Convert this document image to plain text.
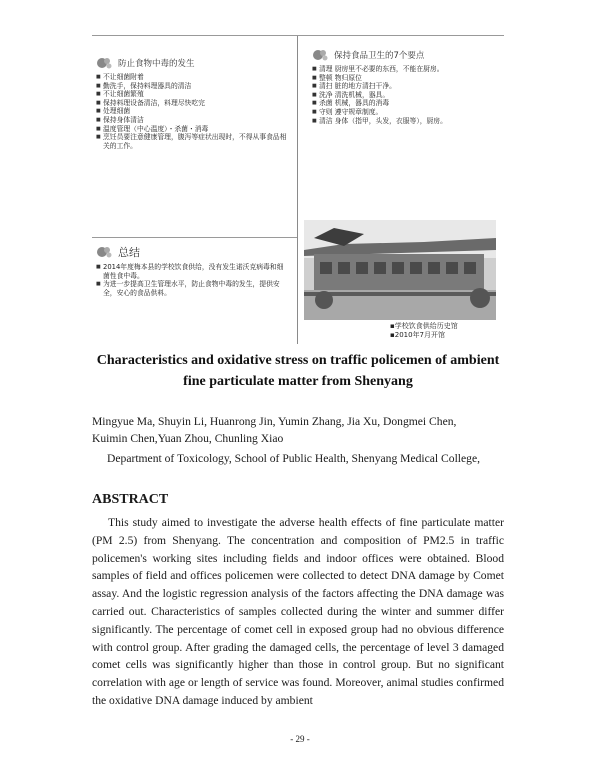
防止食物中毒的发生
■ 不让细菌附着
■ 勤洗手，保持料理器具的清洁
■ 不让细菌繁殖
■ 保持料理设备清洁，料理尽快吃完
■ 处理细菌
■ 保持身体清洁
■ 温度管理（中心温度）・杀菌・消毒
■ 烹饪员要注意健康管理，腹泻等症状出现时，不得从事食品相关的工作。
保持食品卫生的7个要点
■ 清理 厨房里不必要的东西，不能在厨房。
■ 整顿 物归原位
■ 清扫 脏的地方清扫干净。
■ 洗净 清洗机械，器具。
■ 杀菌 机械，器具的消毒
■ 守则 遵守规章制度。
■ 清洁 身体（指甲，头发，衣服等），厨房。
总结
■ 2014年度梅本县的学校饮食供给，没有发生诺沃克病毒和细菌性食中毒。
■ 为进一步提高卫生管理水平，防止食物中毒的发生，提供安全，安心的食品供料。
▪学校饮食供给历史馆
▪2010年7月开馆
Characteristics and oxidative stress on traffic policemen of ambient
fine particulate matter from Shenyang
Mingyue Ma, Shuyin Li, Huanrong Jin, Yumin Zhang, Jia Xu, Dongmei Chen,
Kuimin Chen,Yuan Zhou, Chunling Xiao
Department of Toxicology, School of Public Health, Shenyang Medical College,
ABSTRACT
This study aimed to investigate the adverse health effects of fine particulate matter (PM 2.5) from Shenyang. The concentration and composition of PM2.5 in traffic policemen's working sites including fields and indoor offices were obtained. Blood samples of field and offices policemen were collected to detect DNA damage by Comet assay. And the logistic regression analysis of the factors affecting the DNA damage was carried out. Characteristics of samples collected during the winter and summer differ significantly. The percentage of comet cell in exposed group had no obvious difference with control group. After grading the damaged cells, the percentage of level 3 damaged comet cells was significantly higher than those in control group. But no significant correlation with age or length of service was found. Moreover, animal studies confirmed the oxidative DNA damage induced by ambient
- 29 -
